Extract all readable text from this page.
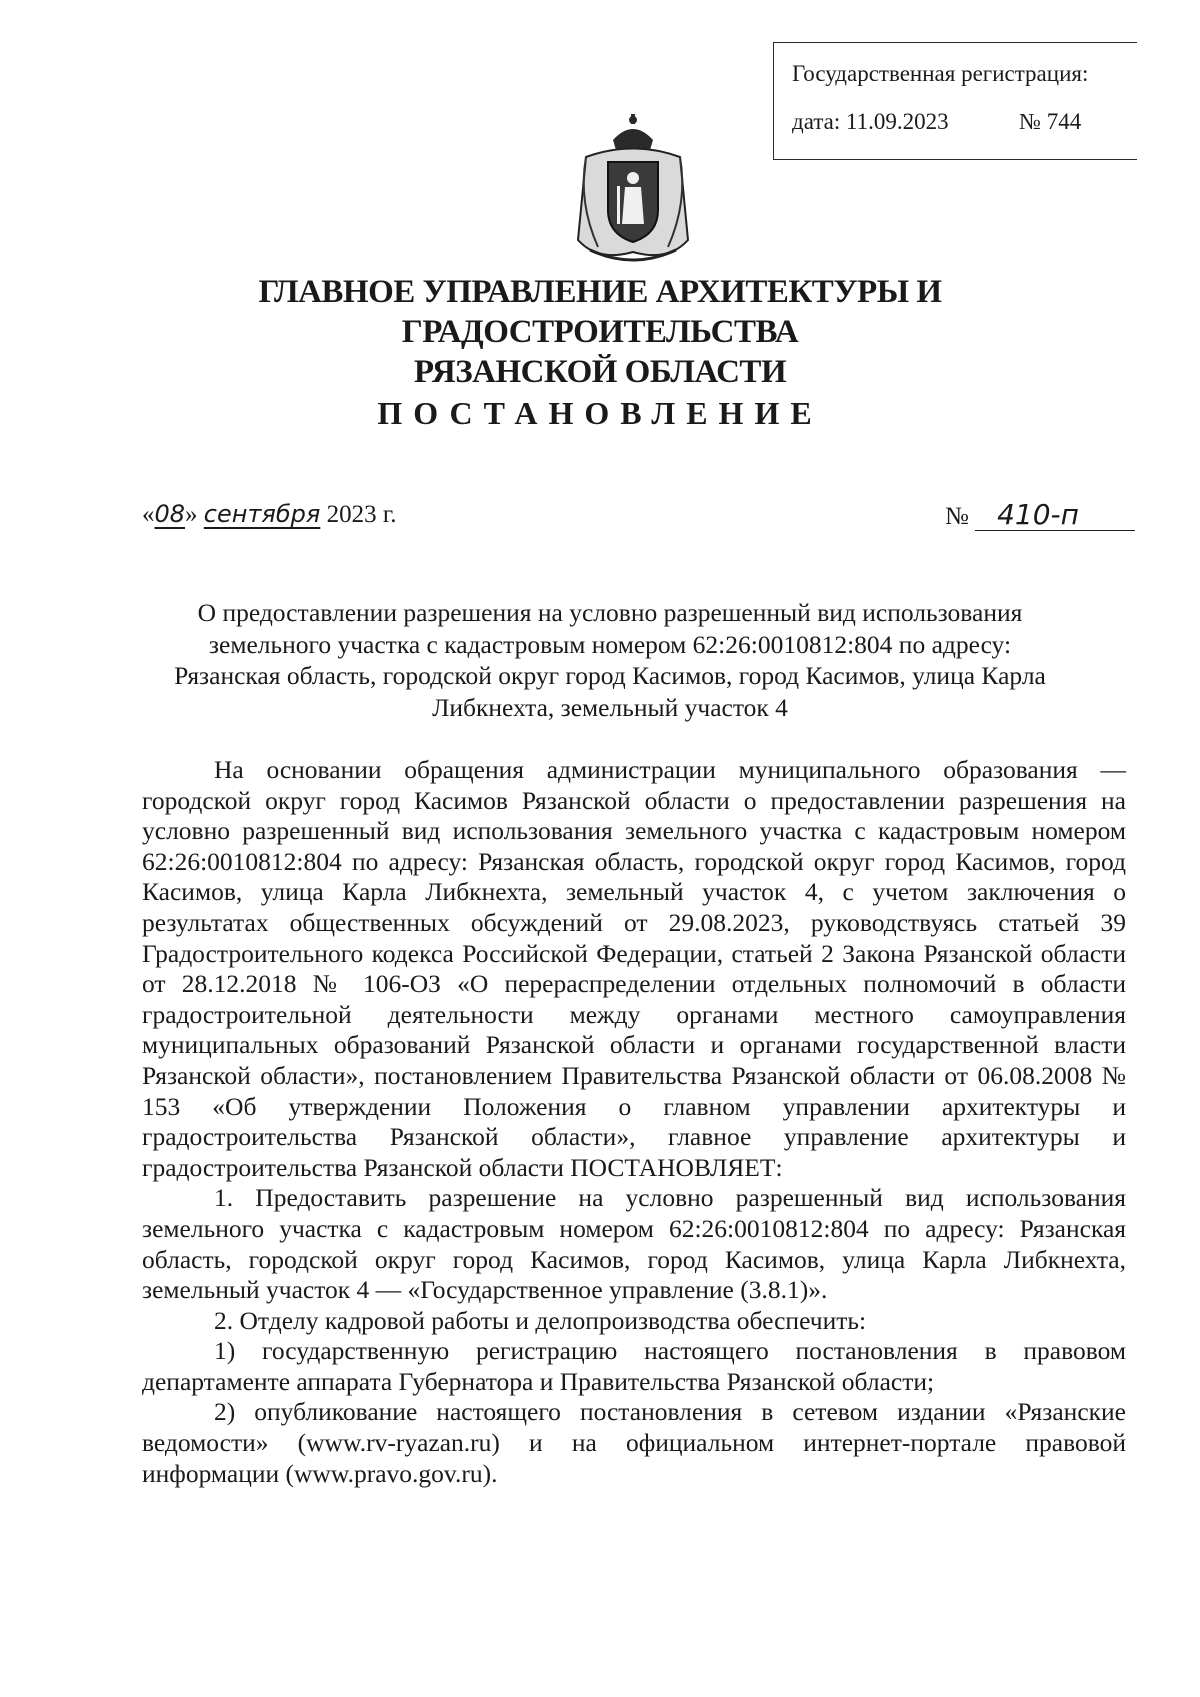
Государственная регистрация:
дата: 11.09.2023	№ 744
ГЛАВНОЕ УПРАВЛЕНИЕ АРХИТЕКТУРЫ И ГРАДОСТРОИТЕЛЬСТВА
РЯЗАНСКОЙ ОБЛАСТИ
ПОСТАНОВЛЕНИЕ
«08» сентября 2023 г.	№ 410-п
О предоставлении разрешения на условно разрешенный вид использования
земельного участка с кадастровым номером 62:26:0010812:804 по адресу:
Рязанская область, городской округ город Касимов, город Касимов, улица Карла
Либкнехта, земельный участок 4

На основании обращения администрации муниципального образования — городской округ город Касимов Рязанской области о предоставлении разрешения на условно разрешенный вид использования земельного участка с кадастровым номером 62:26:0010812:804 по адресу: Рязанская область, городской округ город Касимов, город Касимов, улица Карла Либкнехта, земельный участок 4, с учетом заключения о результатах общественных обсуждений от 29.08.2023, руководствуясь статьей 39 Градостроительного кодекса Российской Федерации, статьей 2 Закона Рязанской области от 28.12.2018 № 106-ОЗ «О перераспределении отдельных полномочий в области градостроительной деятельности между органами местного самоуправления муниципальных образований Рязанской области и органами государственной власти Рязанской области», постановлением Правительства Рязанской области от 06.08.2008 № 153 «Об утверждении Положения о главном управлении архитектуры и градостроительства Рязанской области», главное управление архитектуры и градостроительства Рязанской области ПОСТАНОВЛЯЕТ:

1. Предоставить разрешение на условно разрешенный вид использования земельного участка с кадастровым номером 62:26:0010812:804 по адресу: Рязанская область, городской округ город Касимов, город Касимов, улица Карла Либкнехта, земельный участок 4 — «Государственное управление (3.8.1)».

2. Отделу кадровой работы и делопроизводства обеспечить:

1) государственную регистрацию настоящего постановления в правовом департаменте аппарата Губернатора и Правительства Рязанской области;

2) опубликование настоящего постановления в сетевом издании «Рязанские ведомости» (www.rv-ryazan.ru) и на официальном интернет-портале правовой информации (www.pravo.gov.ru).
